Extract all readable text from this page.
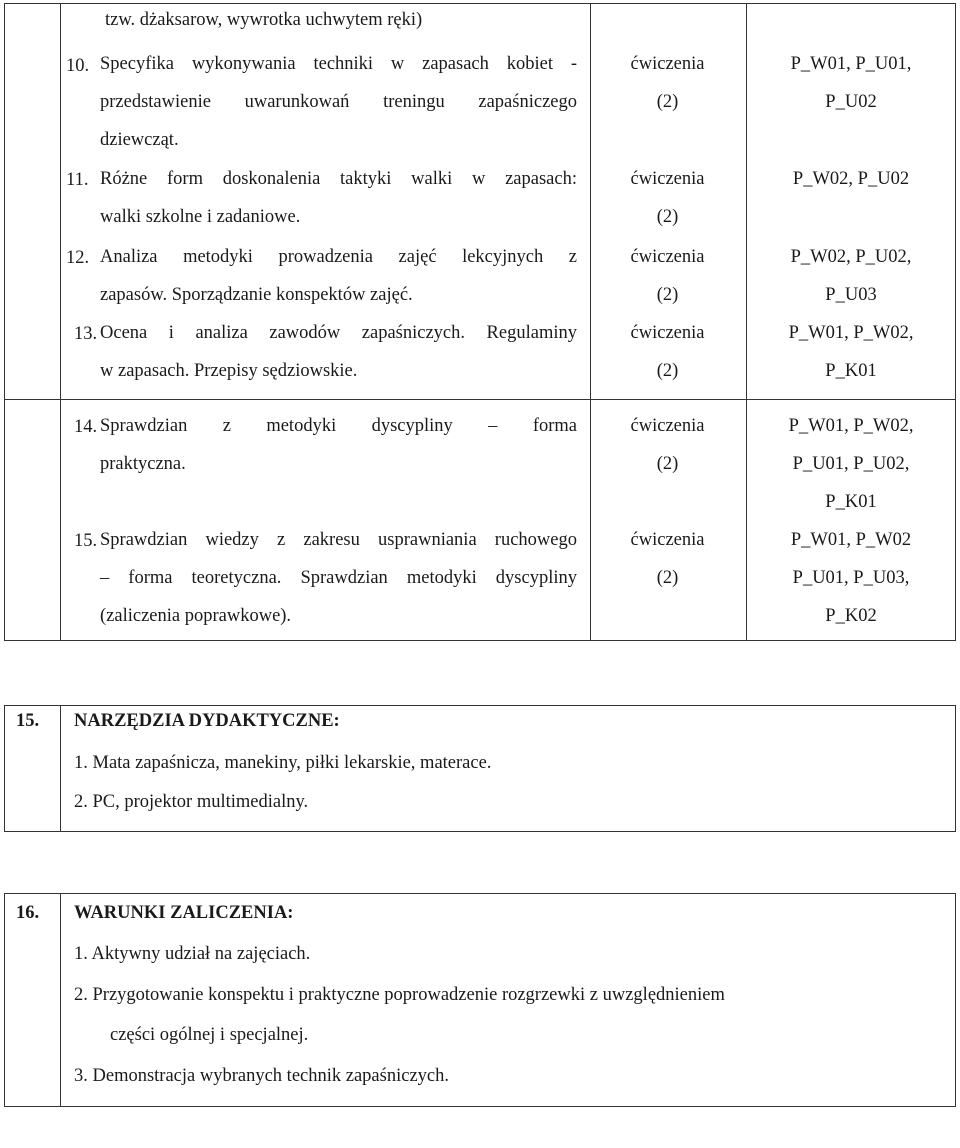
tzw. dżaksarow, wywrotka uchwytem ręki)
10. Specyfika wykonywania techniki w zapasach kobiet -
przedstawienie uwarunkowań treningu zapaśniczego
dziewcząt.
ćwiczenia
(2)
P_W01, P_U01,
P_U02
11. Różne form doskonalenia taktyki walki w zapasach:
walki szkolne i zadaniowe.
ćwiczenia
(2)
P_W02, P_U02
12. Analiza metodyki prowadzenia zajęć lekcyjnych z
zapasów. Sporządzanie konspektów zajęć.
ćwiczenia
(2)
P_W02, P_U02,
P_U03
13. Ocena i analiza zawodów zapaśniczych. Regulaminy
w zapasach. Przepisy sędziowskie.
ćwiczenia
(2)
P_W01, P_W02,
P_K01
14. Sprawdzian z metodyki dyscypliny – forma
praktyczna.
ćwiczenia
(2)
P_W01, P_W02,
P_U01, P_U02,
P_K01
15. Sprawdzian wiedzy z zakresu usprawniania ruchowego
– forma teoretyczna. Sprawdzian metodyki dyscypliny
(zaliczenia poprawkowe).
ćwiczenia
(2)
P_W01, P_W02
P_U01, P_U03,
P_K02
15. NARZĘDZIA DYDAKTYCZNE:
1. Mata zapaśnicza, manekiny, piłki lekarskie, materace.
2. PC, projektor multimedialny.
16. WARUNKI ZALICZENIA:
1. Aktywny udział na zajęciach.
2. Przygotowanie konspektu i praktyczne poprowadzenie rozgrzewki z uwzględnieniem
części ogólnej i specjalnej.
3. Demonstracja wybranych technik zapaśniczych.
